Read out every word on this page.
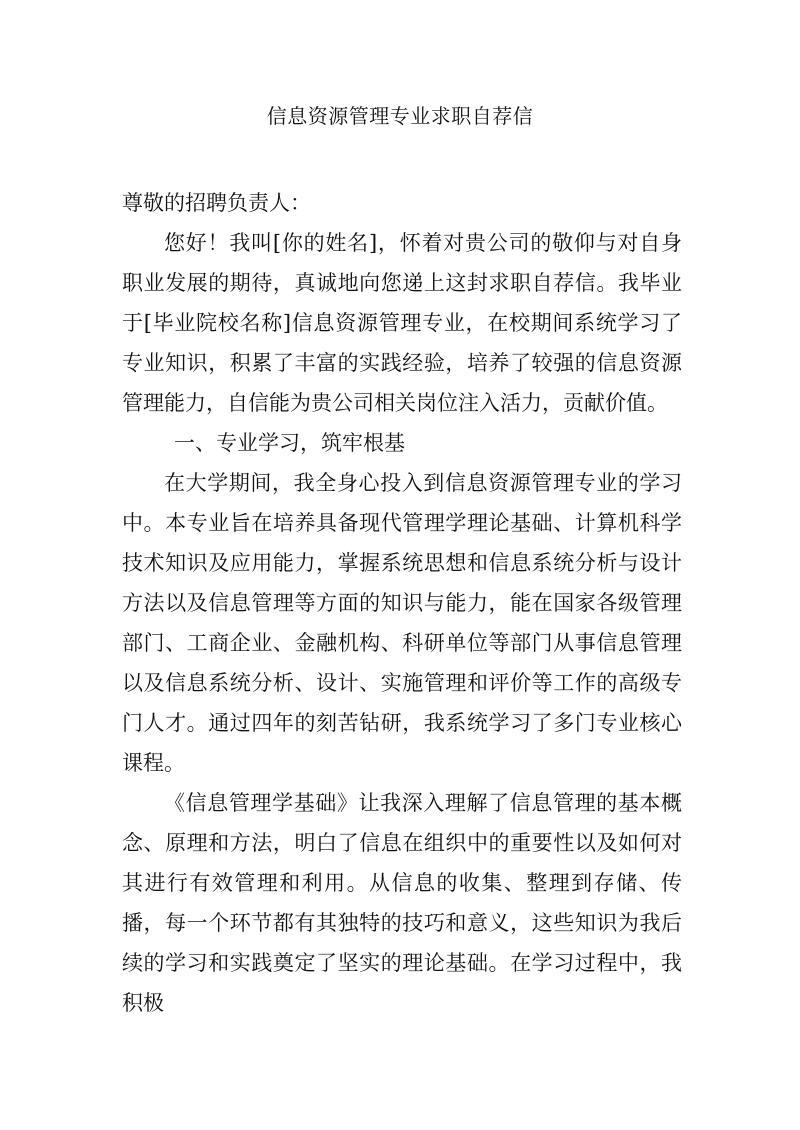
信息资源管理专业求职自荐信

尊敬的招聘负责人：

您好！我叫[你的姓名]，怀着对贵公司的敬仰与对自身职业发展的期待，真诚地向您递上这封求职自荐信。我毕业于[毕业院校名称]信息资源管理专业，在校期间系统学习了专业知识，积累了丰富的实践经验，培养了较强的信息资源管理能力，自信能为贵公司相关岗位注入活力，贡献价值。

一、专业学习，筑牢根基

在大学期间，我全身心投入到信息资源管理专业的学习中。本专业旨在培养具备现代管理学理论基础、计算机科学技术知识及应用能力，掌握系统思想和信息系统分析与设计方法以及信息管理等方面的知识与能力，能在国家各级管理部门、工商企业、金融机构、科研单位等部门从事信息管理以及信息系统分析、设计、实施管理和评价等工作的高级专门人才。通过四年的刻苦钻研，我系统学习了多门专业核心课程。

《信息管理学基础》让我深入理解了信息管理的基本概念、原理和方法，明白了信息在组织中的重要性以及如何对其进行有效管理和利用。从信息的收集、整理到存储、传播，每一个环节都有其独特的技巧和意义，这些知识为我后续的学习和实践奠定了坚实的理论基础。在学习过程中，我积极
